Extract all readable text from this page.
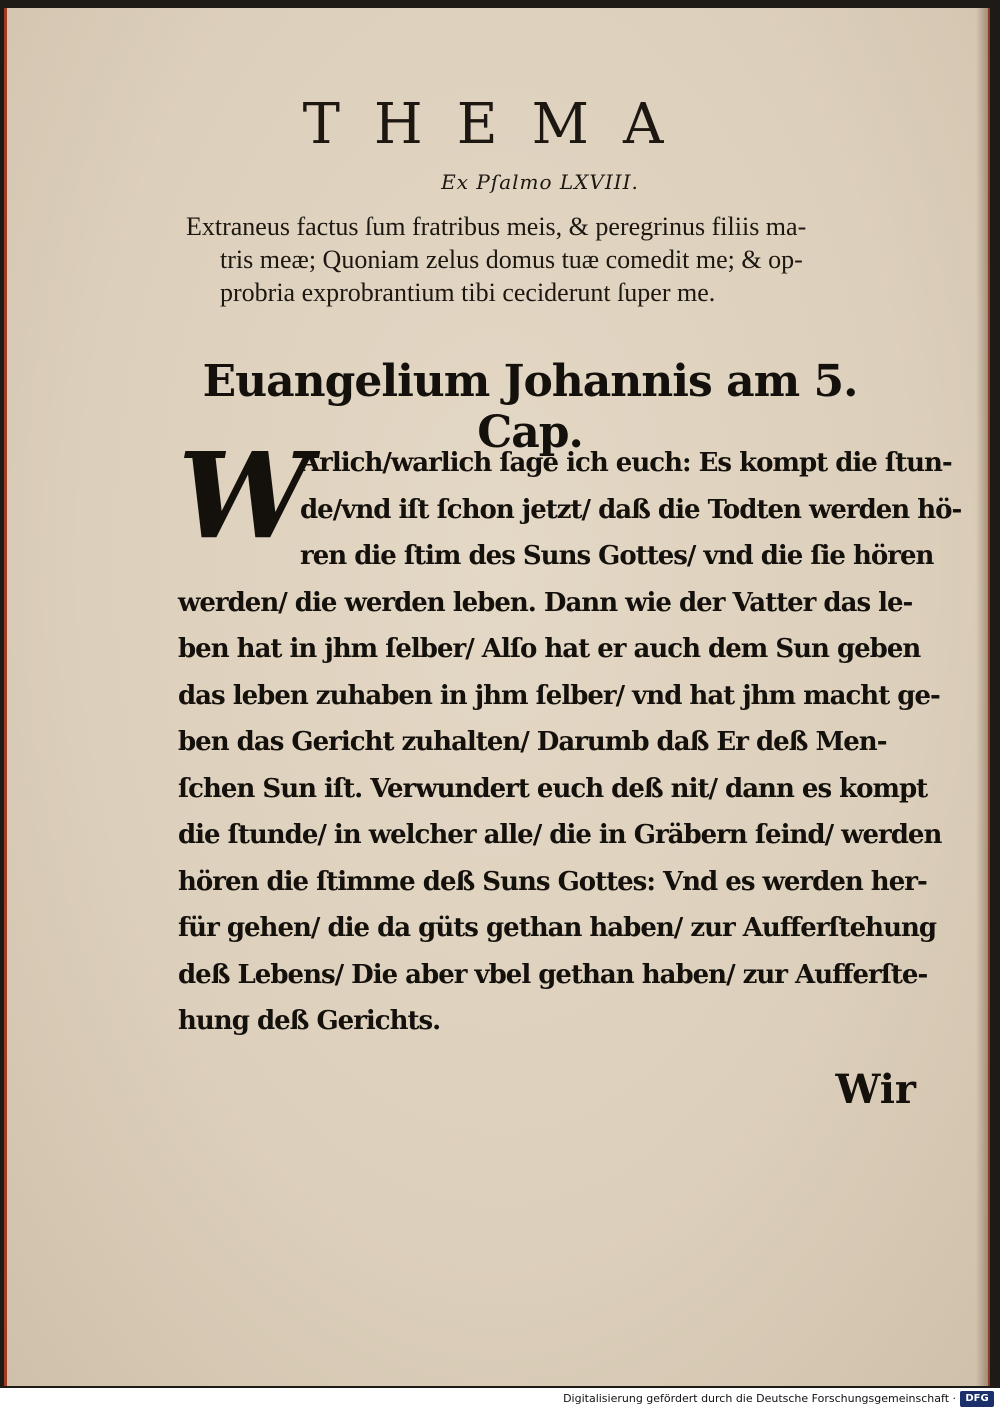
THEMA
Ex Pſalmo LXVIII.
Extraneus factus ſum fratribus meis, & peregrinus filiis ma-
tris meæ; Quoniam zelus domus tuæ comedit me; & op-
probria exprobrantium tibi ceciderunt ſuper me.
Euangelium Johannis am 5. Cap.
W
Arlich/warlich ſage ich euch: Es kompt die ſtun-
de/vnd iſt ſchon jetzt/ daß die Todten werden hö-
ren die ſtim des Suns Gottes/ vnd die ſie hören
werden/ die werden leben. Dann wie der Vatter das le-
ben hat in jhm ſelber/ Alſo hat er auch dem Sun geben
das leben zuhaben in jhm ſelber/ vnd hat jhm macht ge-
ben das Gericht zuhalten/ Darumb daß Er deß Men-
ſchen Sun iſt. Verwundert euch deß nit/ dann es kompt
die ſtunde/ in welcher alle/ die in Gräbern ſeind/ werden
hören die ſtimme deß Suns Gottes: Vnd es werden her-
für gehen/ die da güts gethan haben/ zur Aufferſtehung
deß Lebens/ Die aber vbel gethan haben/ zur Aufferſte-
hung deß Gerichts.
Wir
Digitalisierung gefördert durch die Deutsche Forschungsgemeinschaft · DFG
